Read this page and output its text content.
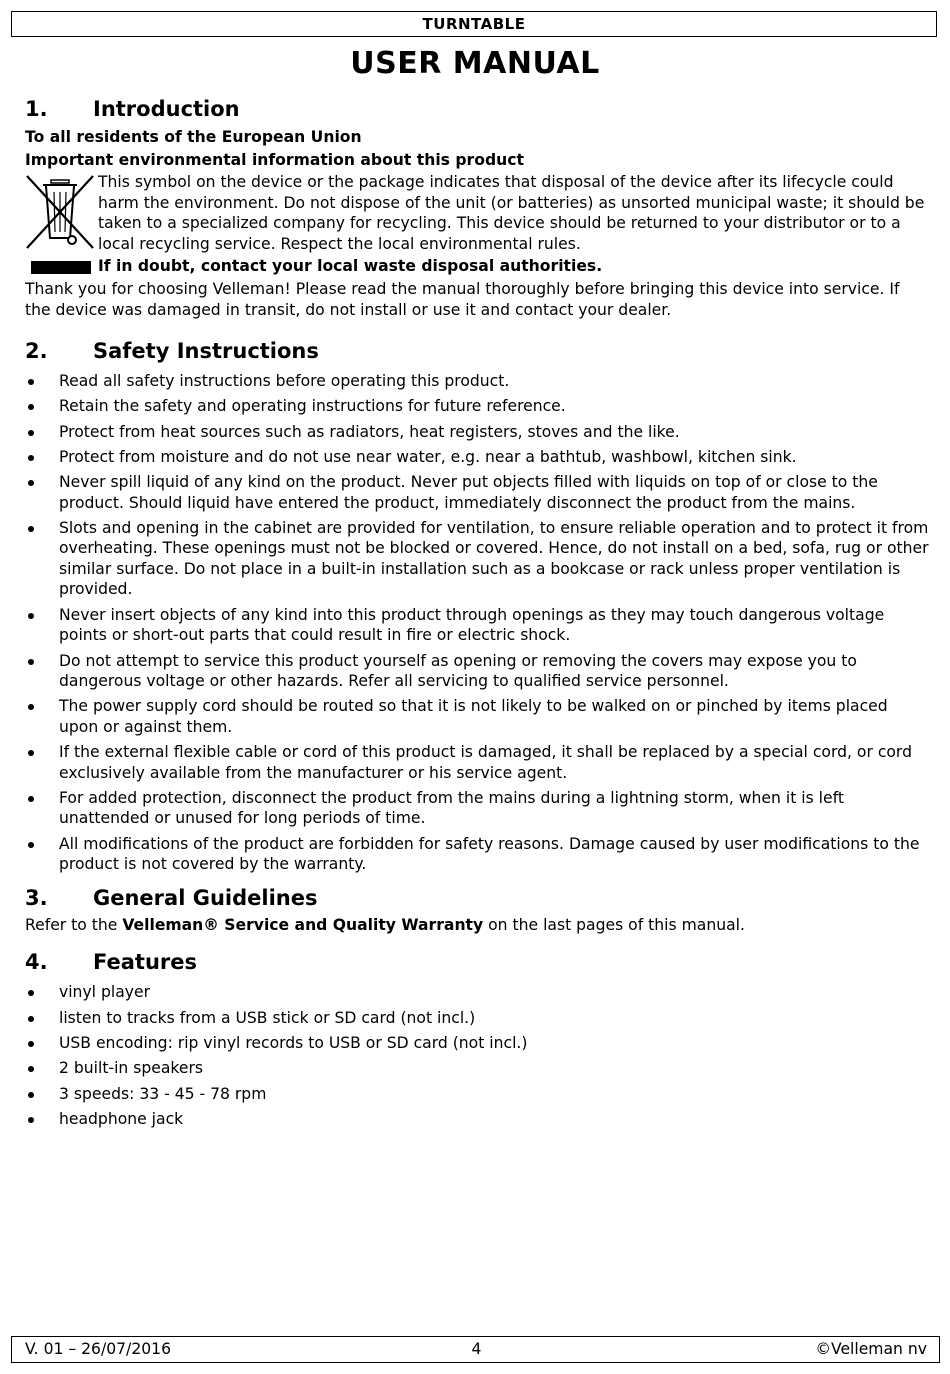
TURNTABLE
USER MANUAL
1.	Introduction
To all residents of the European Union
Important environmental information about this product
This symbol on the device or the package indicates that disposal of the device after its lifecycle could harm the environment. Do not dispose of the unit (or batteries) as unsorted municipal waste; it should be taken to a specialized company for recycling. This device should be returned to your distributor or to a local recycling service. Respect the local environmental rules.
If in doubt, contact your local waste disposal authorities.

Thank you for choosing Velleman! Please read the manual thoroughly before bringing this device into service. If the device was damaged in transit, do not install or use it and contact your dealer.

2.	Safety Instructions
Read all safety instructions before operating this product.
Retain the safety and operating instructions for future reference.
Protect from heat sources such as radiators, heat registers, stoves and the like.
Protect from moisture and do not use near water, e.g. near a bathtub, washbowl, kitchen sink.
Never spill liquid of any kind on the product. Never put objects filled with liquids on top of or close to the product. Should liquid have entered the product, immediately disconnect the product from the mains.
Slots and opening in the cabinet are provided for ventilation, to ensure reliable operation and to protect it from overheating. These openings must not be blocked or covered. Hence, do not install on a bed, sofa, rug or other similar surface. Do not place in a built-in installation such as a bookcase or rack unless proper ventilation is provided.
Never insert objects of any kind into this product through openings as they may touch dangerous voltage points or short-out parts that could result in fire or electric shock.
Do not attempt to service this product yourself as opening or removing the covers may expose you to dangerous voltage or other hazards. Refer all servicing to qualified service personnel.
The power supply cord should be routed so that it is not likely to be walked on or pinched by items placed upon or against them.
If the external flexible cable or cord of this product is damaged, it shall be replaced by a special cord, or cord exclusively available from the manufacturer or his service agent.
For added protection, disconnect the product from the mains during a lightning storm, when it is left unattended or unused for long periods of time.
All modifications of the product are forbidden for safety reasons. Damage caused by user modifications to the product is not covered by the warranty.
3.	General Guidelines

Refer to the Velleman® Service and Quality Warranty on the last pages of this manual.

4.	Features
vinyl player
listen to tracks from a USB stick or SD card (not incl.)
USB encoding: rip vinyl records to USB or SD card (not incl.)
2 built-in speakers
3 speeds: 33 - 45 - 78 rpm
headphone jack
V. 01 – 26/07/2016	4	©Velleman nv
